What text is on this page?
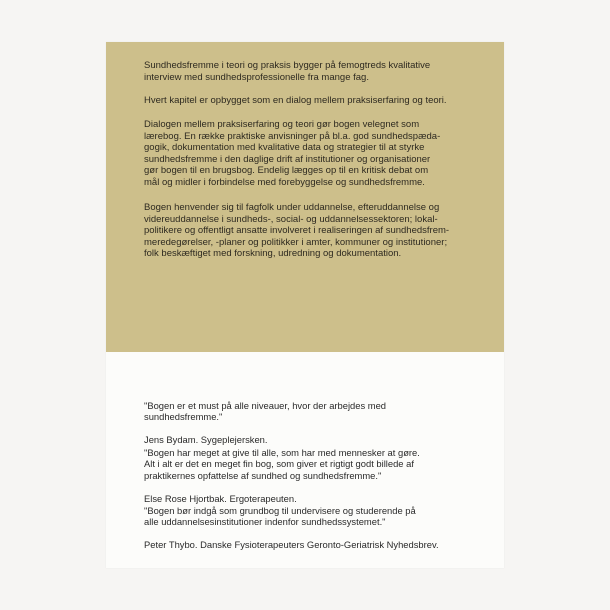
Sundhedsfremme i teori og praksis bygger på femogtreds kvalitative
interview med sundhedsprofessionelle fra mange fag.

Hvert kapitel er opbygget som en dialog mellem praksiserfaring og teori.

Dialogen mellem praksiserfaring og teori gør bogen velegnet som
lærebog. En række praktiske anvisninger på bl.a. god sundhedspæda-
gogik, dokumentation med kvalitative data og strategier til at styrke
sundhedsfremme i den daglige drift af institutioner og organisationer
gør bogen til en brugsbog. Endelig lægges op til en kritisk debat om
mål og midler i forbindelse med forebyggelse og sundhedsfremme.

Bogen henvender sig til fagfolk under uddannelse, efteruddannelse og
videreuddannelse i sundheds-, social- og uddannelsessektoren; lokal-
politikere og offentligt ansatte involveret i realiseringen af sundhedsfrem-
meredegørelser, -planer og politikker i amter, kommuner og institutioner;
folk beskæftiget med forskning, udredning og dokumentation.

"Bogen er et must på alle niveauer, hvor der arbejdes med
sundhedsfremme."

Jens Bydam. Sygeplejersken.

"Bogen har meget at give til alle, som har med mennesker at gøre.
Alt i alt er det en meget fin bog, som giver et rigtigt godt billede af
praktikernes opfattelse af sundhed og sundhedsfremme."

Else Rose Hjortbak. Ergoterapeuten.

"Bogen bør indgå som grundbog til undervisere og studerende på
alle uddannelsesinstitutioner indenfor sundhedssystemet."

Peter Thybo. Danske Fysioterapeuters Geronto-Geriatrisk Nyhedsbrev.
